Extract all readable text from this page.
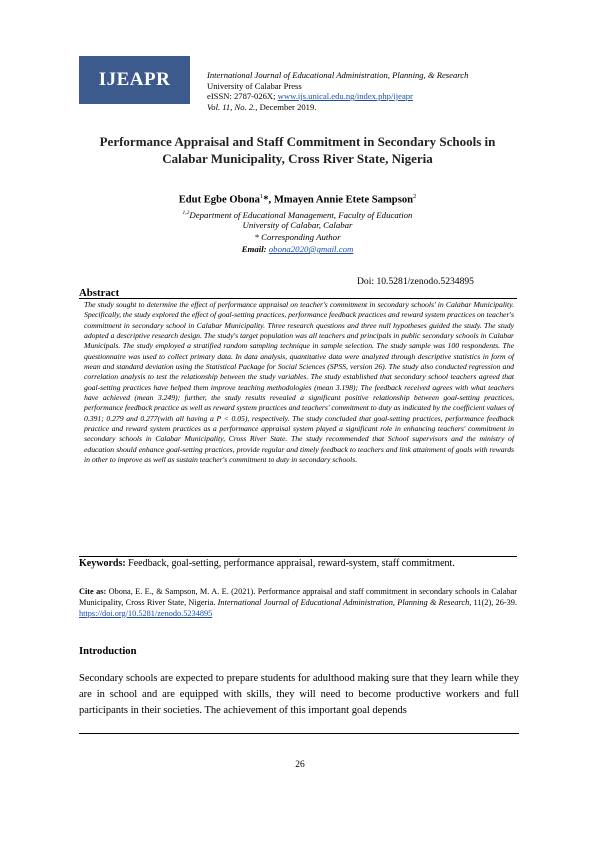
IJEAPR	International Journal of Educational Administration, Planning, & Research
University of Calabar Press
eISSN: 2787-026X; www.ijs.unical.edu.ng/index.php/ijeapr
Vol. 11, No. 2., December 2019.
Performance Appraisal and Staff Commitment in Secondary Schools in Calabar Municipality, Cross River State, Nigeria
Edut Egbe Obona$^1$*, Mmayen Annie Etete Sampson$^2$
$^{1,2}$Department of Educational Management, Faculty of Education
University of Calabar, Calabar
* Corresponding Author
Email: obona2020@gmail.com
Doi: 10.5281/zenodo.5234895
Abstract
The study sought to determine the effect of performance appraisal on teacher's commitment in secondary schools' in Calabar Municipality. Specifically, the study explored the effect of goal-setting practices, performance feedback practices and reward system practices on teacher's commitment in secondary school in Calabar Municipality. Three research questions and three null hypotheses guided the study. The study adopted a descriptive research design. The study's target population was all teachers and principals in public secondary schools in Calabar Municipals. The study employed a stratified random sampling technique in sample selection. The study sample was 100 respondents. The questionnaire was used to collect primary data. In data analysis, quantitative data were analyzed through descriptive statistics in form of mean and standard deviation using the Statistical Package for Social Sciences (SPSS, version 26). The study also conducted regression and correlation analysis to test the relationship between the study variables. The study established that secondary school teachers agreed that goal-setting practices have helped them improve teaching methodologies (mean 3.198); The feedback received agrees with what teachers have achieved (mean 3.249); further, the study results revealed a significant positive relationship between goal-setting practices, performance feedback practice as well as reward system practices and teachers' commitment to duty as indicated by the coefficient values of 0.391; 0.279 and 0.277(with all having a P < 0.05), respectively. The study concluded that goal-setting practices, performance feedback practice and reward system practices as a performance appraisal system played a significant role in enhancing teachers' commitment in secondary schools in Calabar Municipality, Cross River State. The study recommended that School supervisors and the ministry of education should enhance goal-setting practices, provide regular and timely feedback to teachers and link attainment of goals with rewards in other to improve as well as sustain teacher's commitment to duty in secondary schools.
Keywords: Feedback, goal-setting, performance appraisal, reward-system, staff commitment.
Cite as: Obona, E. E., & Sampson, M. A. E. (2021). Performance appraisal and staff commitment in secondary schools in Calabar Municipality, Cross River State, Nigeria. International Journal of Educational Administration, Planning & Research, 11(2), 26-39. https://doi.org/10.5281/zenodo.5234895
Introduction
Secondary schools are expected to prepare students for adulthood making sure that they learn while they are in school and are equipped with skills, they will need to become productive workers and full participants in their societies. The achievement of this important goal depends
26
